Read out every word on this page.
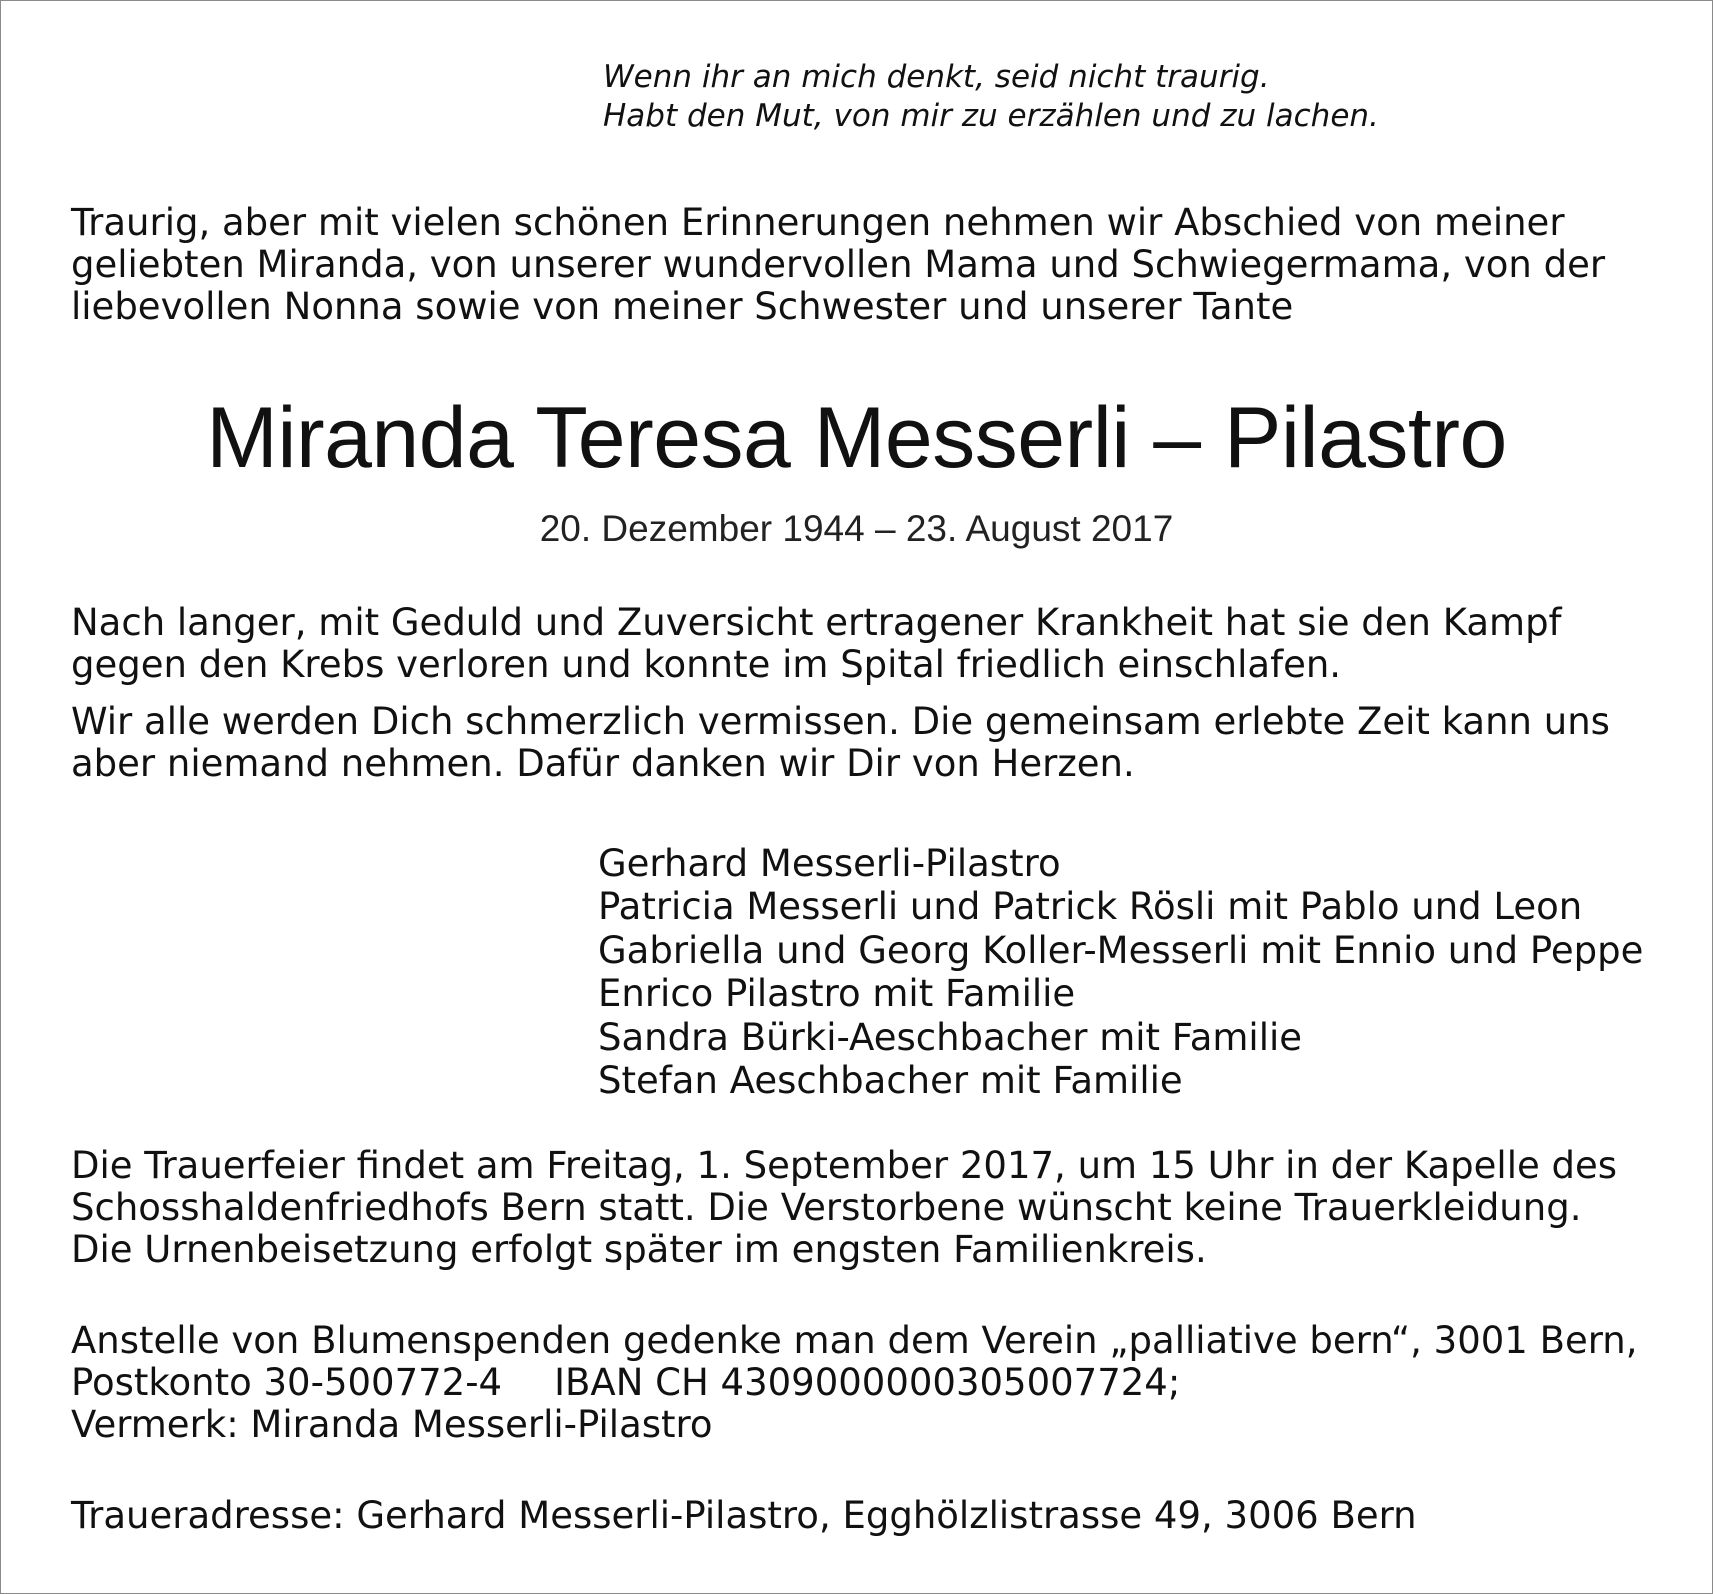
Wenn ihr an mich denkt, seid nicht traurig.
Habt den Mut, von mir zu erzählen und zu lachen.
Traurig, aber mit vielen schönen Erinnerungen nehmen wir Abschied von meiner
geliebten Miranda, von unserer wundervollen Mama und Schwiegermama, von der
liebevollen Nonna sowie von meiner Schwester und unserer Tante
Miranda Teresa Messerli – Pilastro
20. Dezember 1944 – 23. August 2017
Nach langer, mit Geduld und Zuversicht ertragener Krankheit hat sie den Kampf
gegen den Krebs verloren und konnte im Spital friedlich einschlafen.
Wir alle werden Dich schmerzlich vermissen. Die gemeinsam erlebte Zeit kann uns
aber niemand nehmen. Dafür danken wir Dir von Herzen.
Gerhard Messerli-Pilastro
Patricia Messerli und Patrick Rösli mit Pablo und Leon
Gabriella und Georg Koller-Messerli mit Ennio und Peppe
Enrico Pilastro mit Familie
Sandra Bürki-Aeschbacher mit Familie
Stefan Aeschbacher mit Familie
Die Trauerfeier findet am Freitag, 1. September 2017, um 15 Uhr in der Kapelle des
Schosshaldenfriedhofs Bern statt. Die Verstorbene wünscht keine Trauerkleidung.
Die Urnenbeisetzung erfolgt später im engsten Familienkreis.
Anstelle von Blumenspenden gedenke man dem Verein „palliative bern“, 3001 Bern,
Postkonto 30-500772-4 IBAN CH 4309000000305007724;
Vermerk: Miranda Messerli-Pilastro
Traueradresse: Gerhard Messerli-Pilastro, Egghölzlistrasse 49, 3006 Bern
